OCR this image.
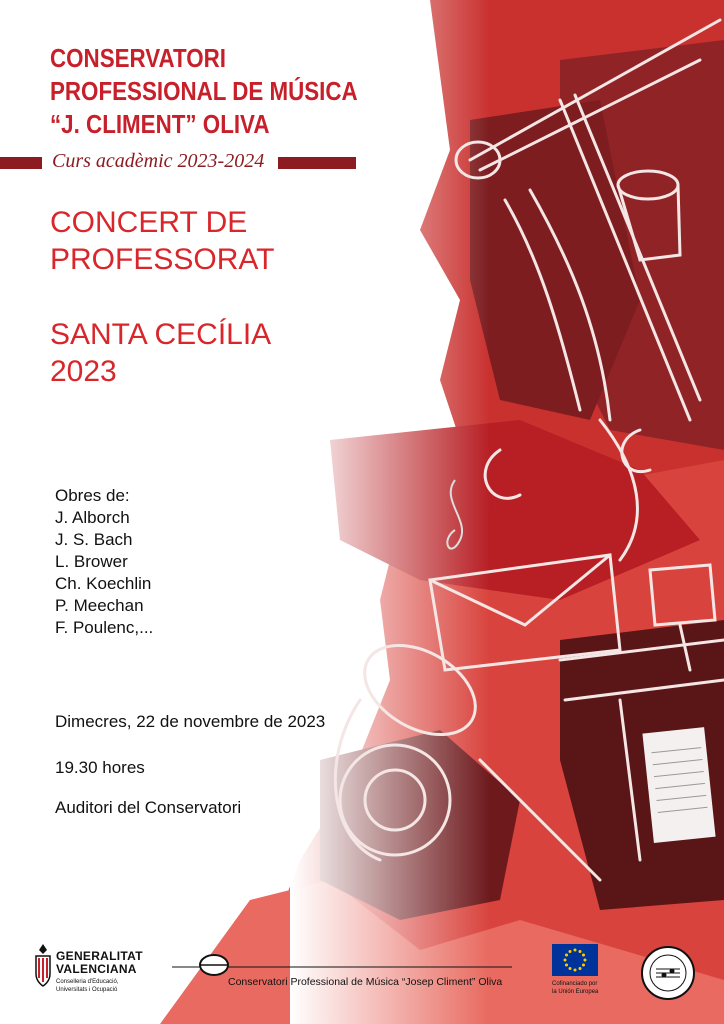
CONSERVATORI
PROFESSIONAL DE MÚSICA
“J. CLIMENT” OLIVA
Curs acadèmic 2023-2024
CONCERT DE
PROFESSORAT
SANTA CECÍLIA
2023
Obres de:
J. Alborch
J. S. Bach
L. Brower
Ch. Koechlin
P. Meechan
F. Poulenc,...
Dimecres, 22 de novembre de 2023
19.30 hores
Auditori del Conservatori
GENERALITAT
VALENCIANA
Conselleria d'Educació,
Universitats i Ocupació
Conservatori Professional de Música “Josep Climent” Oliva	Cofinanciado por
la Unión Europea
